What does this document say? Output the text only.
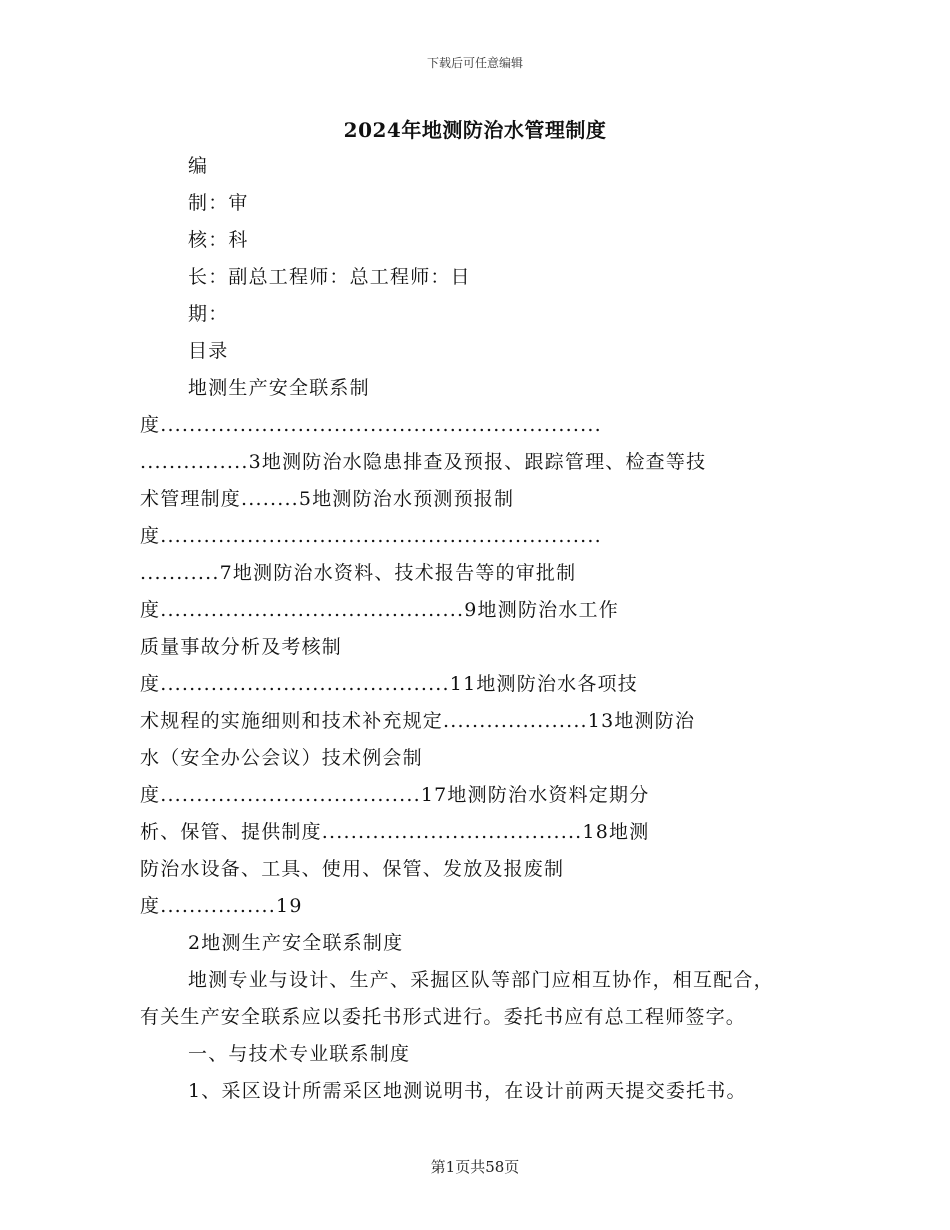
下载后可任意编辑
2024年地测防治水管理制度
编
制：审
核：科
长：副总工程师：总工程师：日
期：
目录
地测生产安全联系制
度.............................................................
...............3地测防治水隐患排查及预报、跟踪管理、检查等技
术管理制度........5地测防治水预测预报制
度.............................................................
...........7地测防治水资料、技术报告等的审批制
度..........................................9地测防治水工作
质量事故分析及考核制
度........................................11地测防治水各项技
术规程的实施细则和技术补充规定....................13地测防治
水（安全办公会议）技术例会制
度....................................17地测防治水资料定期分
析、保管、提供制度....................................18地测
防治水设备、工具、使用、保管、发放及报废制
度................19
2地测生产安全联系制度
地测专业与设计、生产、采掘区队等部门应相互协作，相互配合，
有关生产安全联系应以委托书形式进行。委托书应有总工程师签字。
一、与技术专业联系制度
1、采区设计所需采区地测说明书，在设计前两天提交委托书。
第1页共58页
